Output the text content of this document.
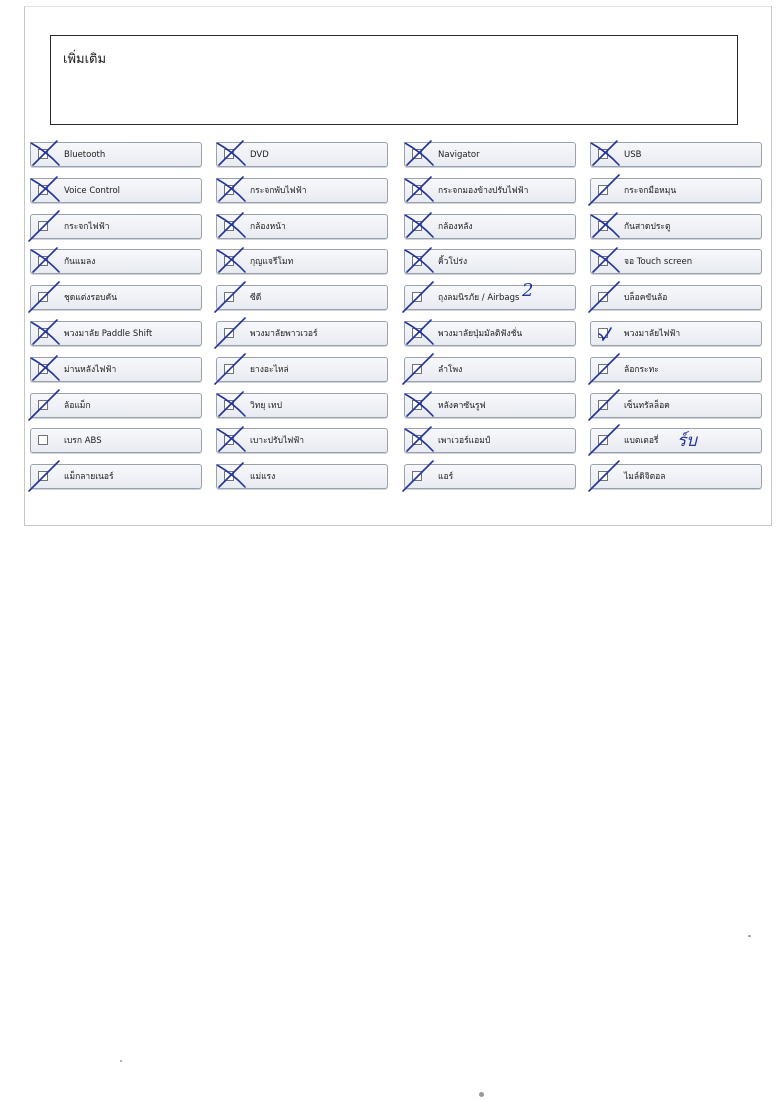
เพิ่มเติม
Bluetooth	DVD	Navigator	USB
Voice Control	กระจกพับไฟฟ้า	กระจกมองข้างปรับไฟฟ้า	กระจกมือหมุน
กระจกไฟฟ้า	กล้องหน้า	กล้องหลัง	กันสาดประตู
กันแมลง	กุญแจรีโมท	คิ้วโปร่ง	จอ Touch screen
ชุดแต่งรอบคัน	ซีดี	ถุงลมนิรภัย / Airbags	บล็อคขันล้อ
พวงมาลัย Paddle Shift	พวงมาลัยพาวเวอร์	พวงมาลัยปุ่มมัลติฟังชั่น	พวงมาลัยไฟฟ้า
ม่านหลังไฟฟ้า	ยางอะไหล่	ลำโพง	ล้อกระทะ
ล้อแม็ก	วิทยุ เทป	หลังคาซันรูฟ	เซ็นทรัลล็อค
เบรก ABS	เบาะปรับไฟฟ้า	เพาเวอร์แอมป์	แบตเตอรี่
แม็กลายเนอร์	แม่แรง	แอร์	ไมล์ดิจิตอล
2
ร์บ
